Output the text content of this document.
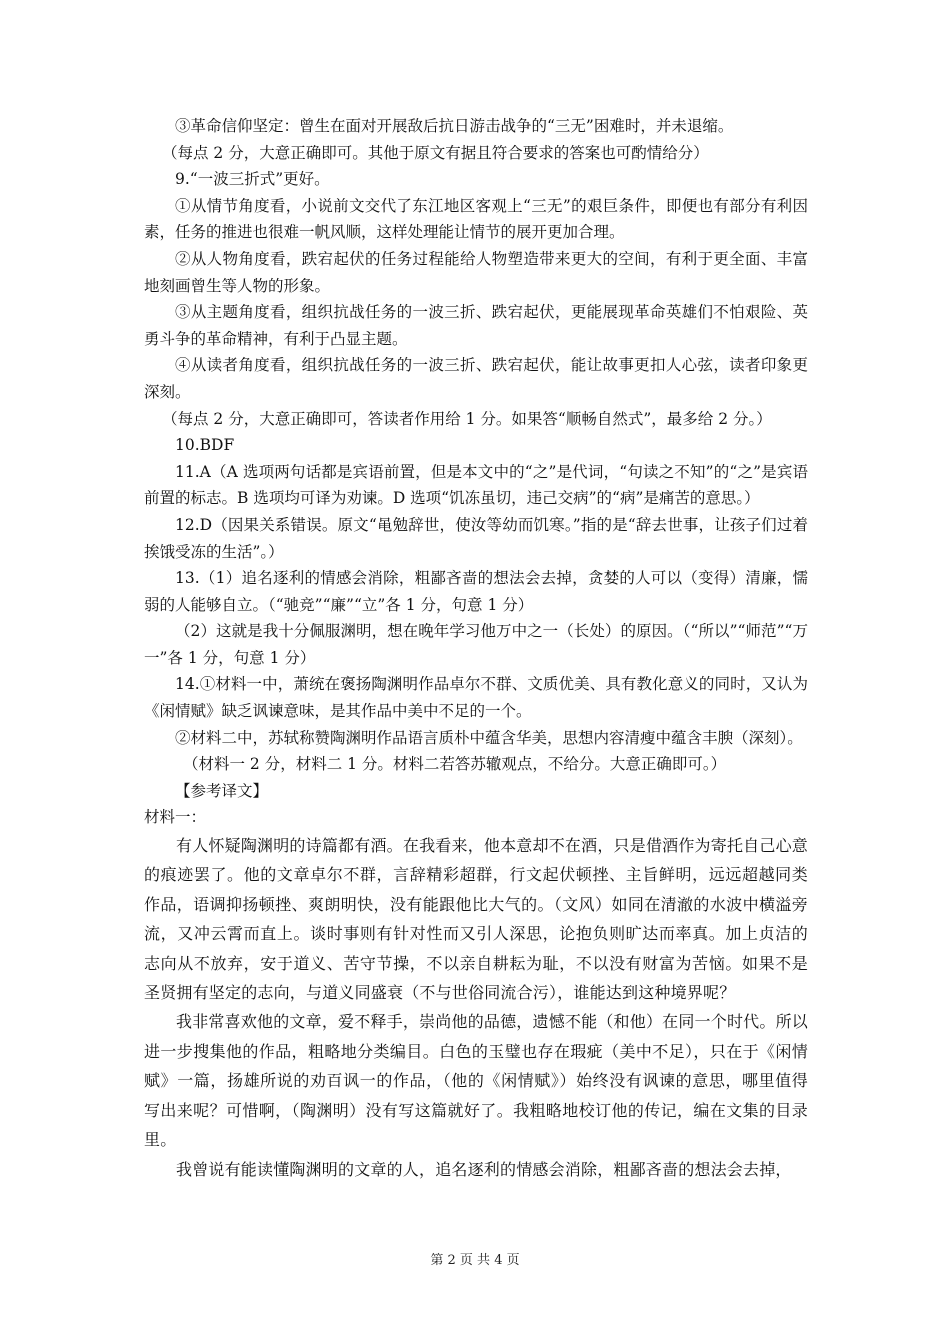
③革命信仰坚定：曾生在面对开展敌后抗日游击战争的“三无”困难时，并未退缩。

（每点 2 分，大意正确即可。其他于原文有据且符合要求的答案也可酌情给分）

9.“一波三折式”更好。

①从情节角度看，小说前文交代了东江地区客观上“三无”的艰巨条件，即便也有部分有利因素，任务的推进也很难一帆风顺，这样处理能让情节的展开更加合理。

②从人物角度看，跌宕起伏的任务过程能给人物塑造带来更大的空间，有利于更全面、丰富地刻画曾生等人物的形象。

③从主题角度看，组织抗战任务的一波三折、跌宕起伏，更能展现革命英雄们不怕艰险、英勇斗争的革命精神，有利于凸显主题。

④从读者角度看，组织抗战任务的一波三折、跌宕起伏，能让故事更扣人心弦，读者印象更深刻。

（每点 2 分，大意正确即可，答读者作用给 1 分。如果答“顺畅自然式”，最多给 2 分。）

10.BDF

11.A（A 选项两句话都是宾语前置，但是本文中的“之”是代词，“句读之不知”的“之”是宾语前置的标志。B 选项均可译为劝谏。D 选项“饥冻虽切，违己交病”的“病”是痛苦的意思。）

12.D（因果关系错误。原文“黾勉辞世，使汝等幼而饥寒。”指的是“辞去世事，让孩子们过着挨饿受冻的生活”。）

13.（1）追名逐利的情感会消除，粗鄙吝啬的想法会去掉，贪婪的人可以（变得）清廉，懦弱的人能够自立。（“驰竞”“廉”“立”各 1 分，句意 1 分）

（2）这就是我十分佩服渊明，想在晚年学习他万中之一（长处）的原因。（“所以”“师范”“万一”各 1 分，句意 1 分）

14.①材料一中，萧统在褒扬陶渊明作品卓尔不群、文质优美、具有教化意义的同时，又认为《闲情赋》缺乏讽谏意味，是其作品中美中不足的一个。

②材料二中，苏轼称赞陶渊明作品语言质朴中蕴含华美，思想内容清瘦中蕴含丰腴（深刻）。

（材料一 2 分，材料二 1 分。材料二若答苏辙观点，不给分。大意正确即可。）

【参考译文】

材料一：

有人怀疑陶渊明的诗篇都有酒。在我看来，他本意却不在酒，只是借酒作为寄托自己心意的痕迹罢了。他的文章卓尔不群，言辞精彩超群，行文起伏顿挫、主旨鲜明，远远超越同类作品，语调抑扬顿挫、爽朗明快，没有能跟他比大气的。（文风）如同在清澈的水波中横溢旁流，又冲云霄而直上。谈时事则有针对性而又引人深思，论抱负则旷达而率真。加上贞洁的志向从不放弃，安于道义、苦守节操，不以亲自耕耘为耻，不以没有财富为苦恼。如果不是圣贤拥有坚定的志向，与道义同盛衰（不与世俗同流合污），谁能达到这种境界呢？

我非常喜欢他的文章，爱不释手，崇尚他的品德，遗憾不能（和他）在同一个时代。所以进一步搜集他的作品，粗略地分类编目。白色的玉璧也存在瑕疵（美中不足），只在于《闲情赋》一篇，扬雄所说的劝百讽一的作品，（他的《闲情赋》）始终没有讽谏的意思，哪里值得写出来呢？可惜啊，（陶渊明）没有写这篇就好了。我粗略地校订他的传记，编在文集的目录里。

我曾说有能读懂陶渊明的文章的人，追名逐利的情感会消除，粗鄙吝啬的想法会去掉，

第 2 页 共 4 页
